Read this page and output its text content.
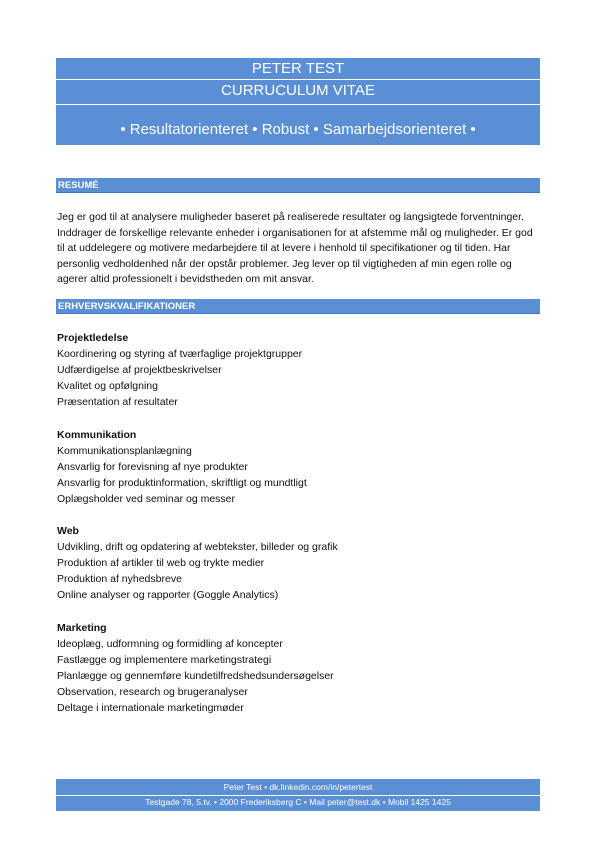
PETER TEST
CURRUCULUM VITAE
• Resultatorienteret • Robust • Samarbejdsorienteret •
RESUMÉ
Jeg er god til at analysere muligheder baseret på realiserede resultater og langsigtede forventninger. Inddrager de forskellige relevante enheder i organisationen for at afstemme mål og muligheder. Er god til at uddelegere og motivere medarbejdere til at levere i henhold til specifikationer og til tiden. Har personlig vedholdenhed når der opstår problemer. Jeg lever op til vigtigheden af min egen rolle og agerer altid professionelt i bevidstheden om mit ansvar.
ERHVERVSKVALIFIKATIONER
Projektledelse
Koordinering og styring af tværfaglige projektgrupper
Udfærdigelse af projektbeskrivelser
Kvalitet og opfølgning
Præsentation af resultater
Kommunikation
Kommunikationsplanlægning
Ansvarlig for forevisning af nye produkter
Ansvarlig for produktinformation, skriftligt og mundtligt
Oplægsholder ved seminar og messer
Web
Udvikling, drift og opdatering af webtekster, billeder og grafik
Produktion af artikler til web og trykte medier
Produktion af nyhedsbreve
Online analyser og rapporter (Goggle Analytics)
Marketing
Ideoplæg, udformning og formidling af koncepter
Fastlægge og implementere marketingstrategi
Planlægge og gennemføre kundetilfredshedsundersøgelser
Observation, research og brugeranalyser
Deltage i internationale marketingmøder
Peter Test • dk.linkedin.com/in/petertest
Testgade 78, 5.tv. • 2000 Frederiksberg C • Mail peter@test.dk • Mobil 1425 1425
